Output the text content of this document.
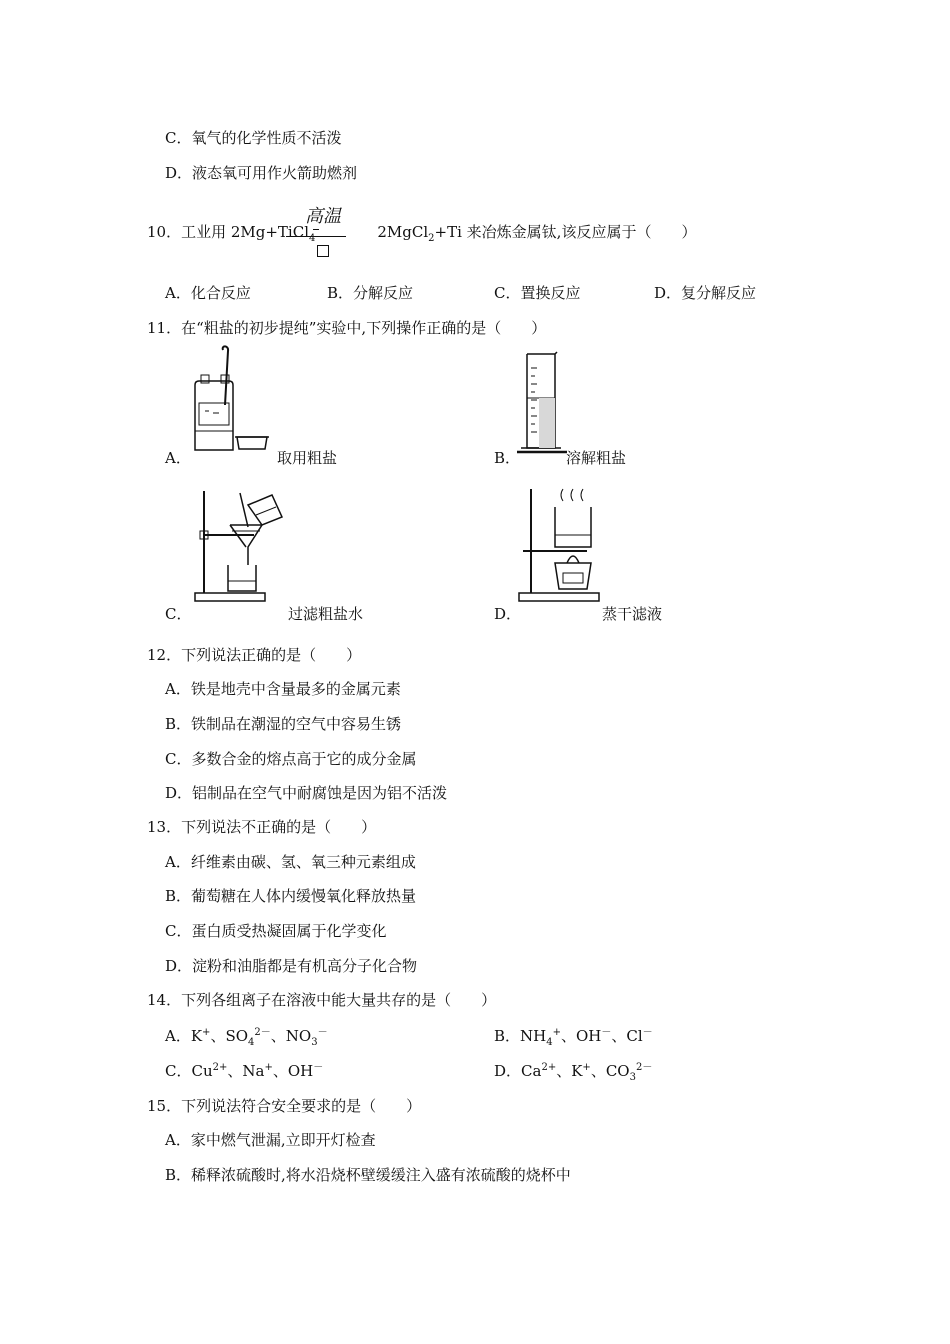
C．氧气的化学性质不活泼
D．液态氧可用作火箭助燃剂
10．工业用 2Mg+TiCl$_4$	2MgCl$_2$+Ti 来冶炼金属钛,该反应属于（　　）
高温
A．化合反应	B．分解反应	C．置换反应	D．复分解反应
11．在“粗盐的初步提纯”实验中,下列操作正确的是（　　）
A．	取用粗盐	B．	溶解粗盐
C．	过滤粗盐水	D．	蒸干滤液
12．下列说法正确的是（　　）
A．铁是地壳中含量最多的金属元素
B．铁制品在潮湿的空气中容易生锈
C．多数合金的熔点高于它的成分金属
D．铝制品在空气中耐腐蚀是因为铝不活泼
13．下列说法不正确的是（　　）
A．纤维素由碳、氢、氧三种元素组成
B．葡萄糖在人体内缓慢氧化释放热量
C．蛋白质受热凝固属于化学变化
D．淀粉和油脂都是有机高分子化合物
14．下列各组离子在溶液中能大量共存的是（　　）
A．K+、$SO_4^{2-}$、$NO_3^-$	B．$NH_4^+$、OH－、Cl－
C．$Cu^{2+}$、Na+、OH－	D．$Ca^{2+}$、K+、$CO_3^{2-}$
15．下列说法符合安全要求的是（　　）
A．家中燃气泄漏,立即开灯检查
B．稀释浓硫酸时,将水沿烧杯壁缓缓注入盛有浓硫酸的烧杯中
